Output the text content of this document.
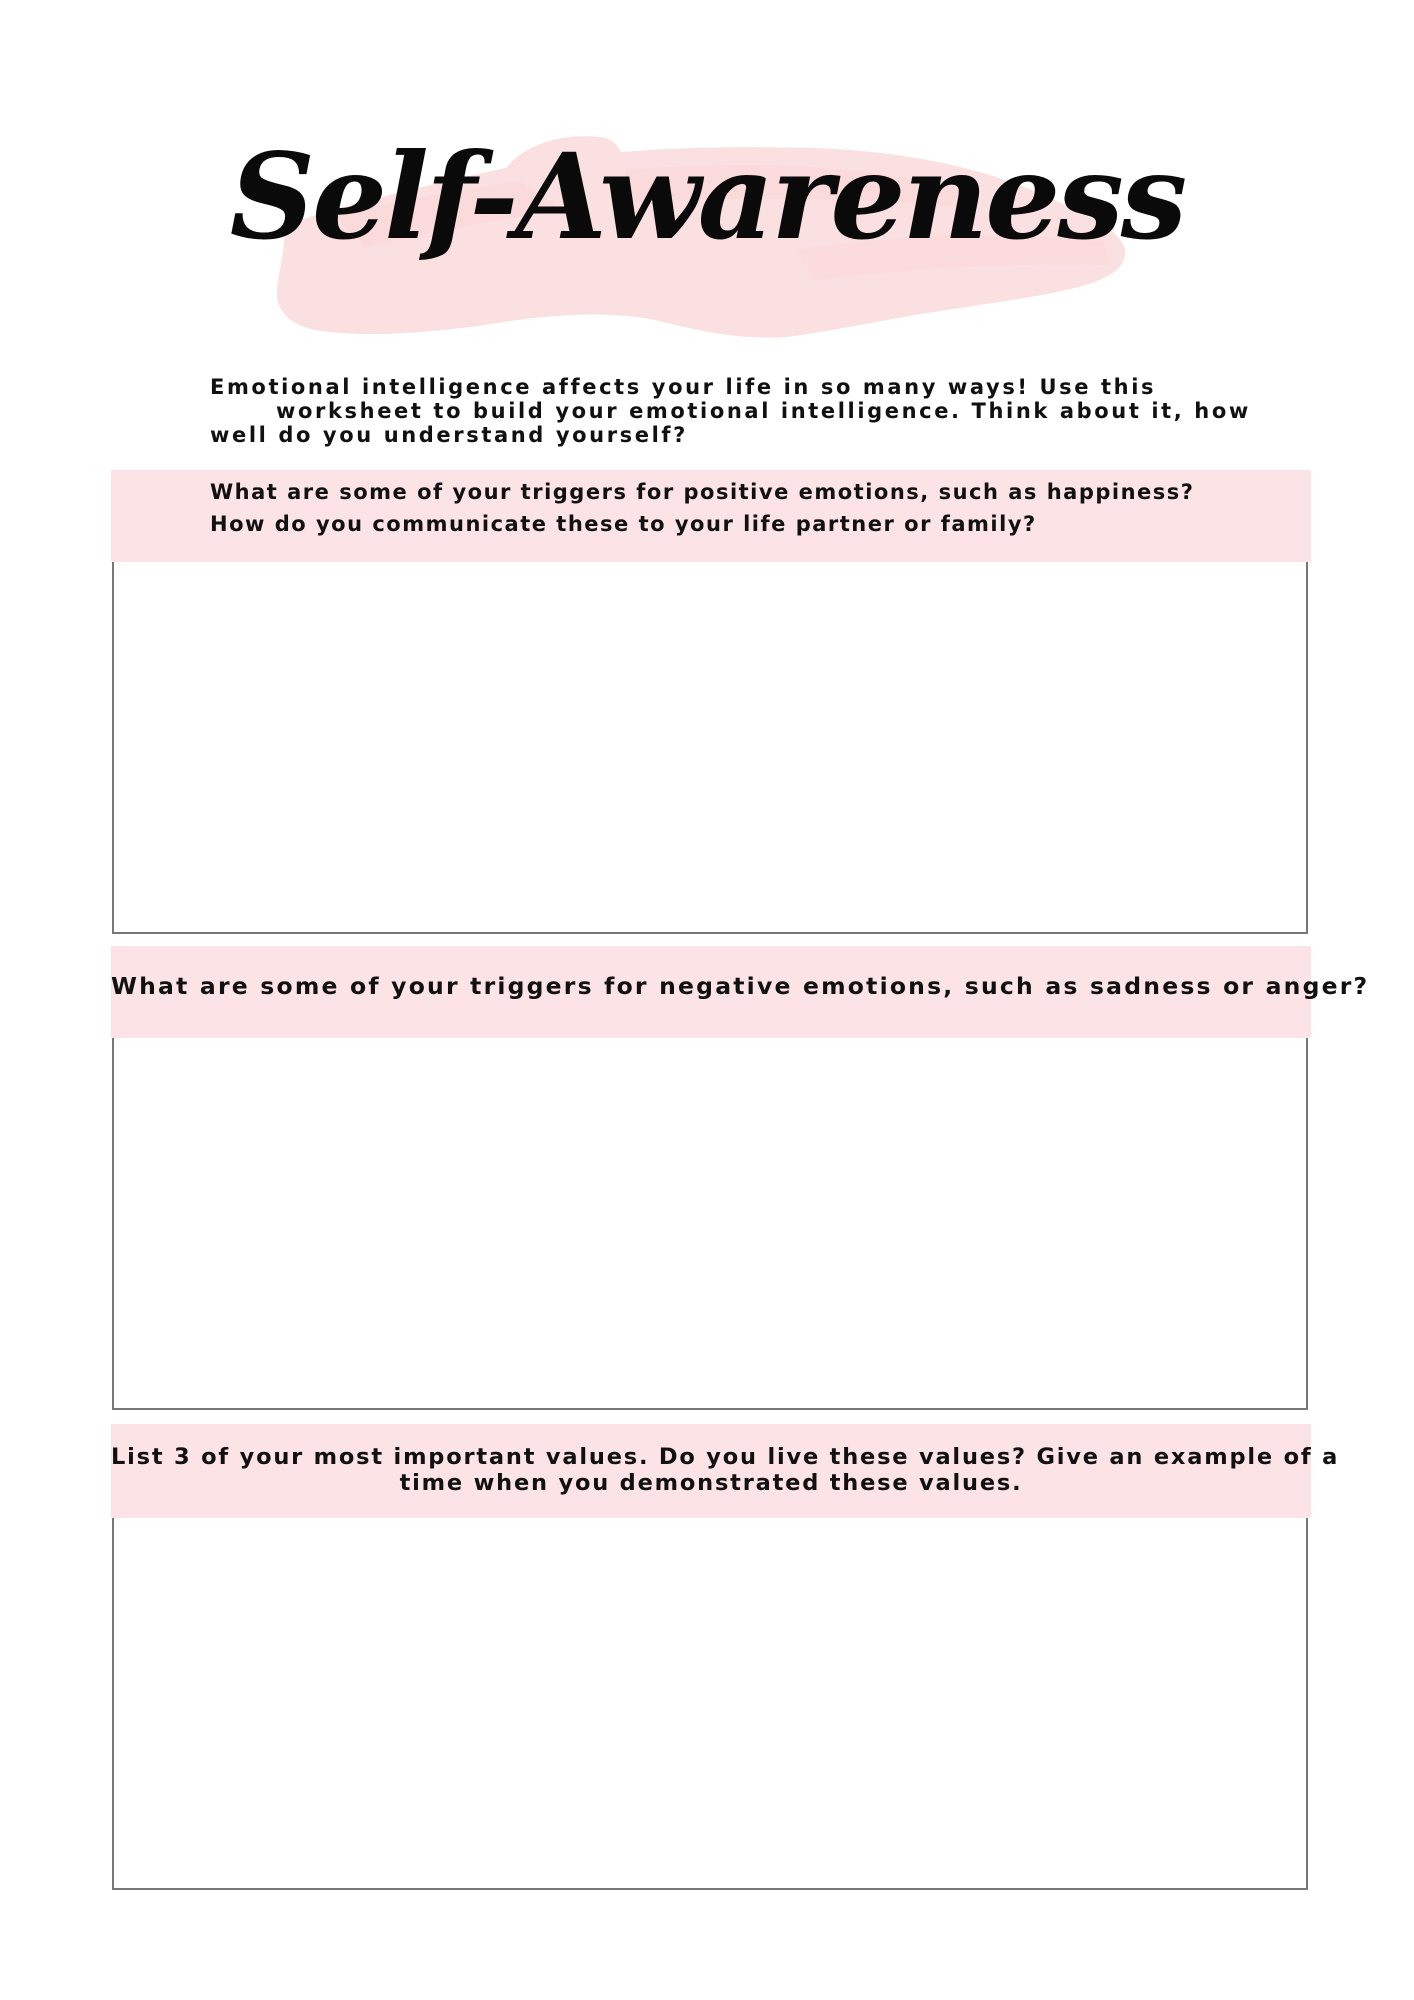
Self-Awareness
Emotional intelligence affects your life in so many ways! Use this
worksheet to build your emotional intelligence. Think about it, how
well do you understand yourself?
What are some of your triggers for positive emotions, such as happiness?
How do you communicate these to your life partner or family?
What are some of your triggers for negative emotions, such as sadness or anger?
List 3 of your most important values. Do you live these values? Give an example of a
time when you demonstrated these values.
